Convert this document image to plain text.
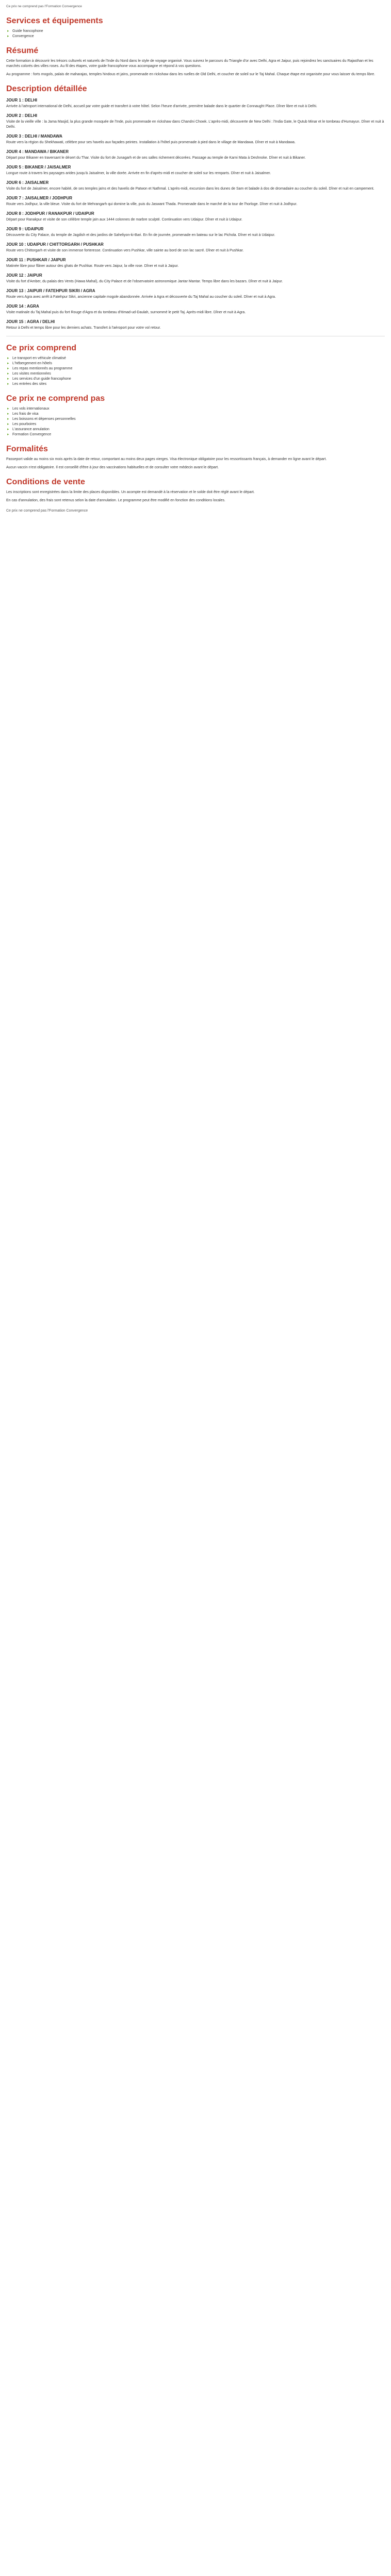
Ce prix ne comprend pas l'Formation Convergence

Services et équipements
▸ Guide francophone
▸ Convergence
Résumé

Cette formation à découvrir les trésors culturels et naturels de l'Inde du Nord dans le style de voyage organisé. Vous suivrez le parcours du Triangle d'or avec Delhi, Agra et Jaipur, puis rejoindrez les sanctuaires du Rajasthan et les marchés colorés des villes roses. Au fil des étapes, votre guide francophone vous accompagne et répond à vos questions.

Au programme : forts mogols, palais de maharajas, temples hindous et jaïns, promenade en rickshaw dans les ruelles de Old Delhi, et coucher de soleil sur le Taj Mahal. Chaque étape est organisée pour vous laisser du temps libre.

Description détaillée
JOUR 1 : DELHI

Arrivée à l'aéroport international de Delhi, accueil par votre guide et transfert à votre hôtel. Selon l'heure d'arrivée, première balade dans le quartier de Connaught Place. Dîner libre et nuit à Delhi.

JOUR 2 : DELHI

Visite de la vieille ville : la Jama Masjid, la plus grande mosquée de l'Inde, puis promenade en rickshaw dans Chandni Chowk. L'après-midi, découverte de New Delhi : l'India Gate, le Qutub Minar et le tombeau d'Humayun. Dîner et nuit à Delhi.

JOUR 3 : DELHI / MANDAWA

Route vers la région du Shekhawati, célèbre pour ses havelis aux façades peintes. Installation à l'hôtel puis promenade à pied dans le village de Mandawa. Dîner et nuit à Mandawa.

JOUR 4 : MANDAWA / BIKANER

Départ pour Bikaner en traversant le désert du Thar. Visite du fort de Junagarh et de ses salles richement décorées. Passage au temple de Karni Mata à Deshnoke. Dîner et nuit à Bikaner.

JOUR 5 : BIKANER / JAISALMER

Longue route à travers les paysages arides jusqu'à Jaisalmer, la ville dorée. Arrivée en fin d'après-midi et coucher de soleil sur les remparts. Dîner et nuit à Jaisalmer.

JOUR 6 : JAISALMER

Visite du fort de Jaisalmer, encore habité, de ses temples jaïns et des havelis de Patwon et Nathmal. L'après-midi, excursion dans les dunes de Sam et balade à dos de dromadaire au coucher du soleil. Dîner et nuit en campement.

JOUR 7 : JAISALMER / JODHPUR

Route vers Jodhpur, la ville bleue. Visite du fort de Mehrangarh qui domine la ville, puis du Jaswant Thada. Promenade dans le marché de la tour de l'horloge. Dîner et nuit à Jodhpur.

JOUR 8 : JODHPUR / RANAKPUR / UDAIPUR

Départ pour Ranakpur et visite de son célèbre temple jaïn aux 1444 colonnes de marbre sculpté. Continuation vers Udaipur. Dîner et nuit à Udaipur.

JOUR 9 : UDAIPUR

Découverte du City Palace, du temple de Jagdish et des jardins de Saheliyon-ki-Bari. En fin de journée, promenade en bateau sur le lac Pichola. Dîner et nuit à Udaipur.

JOUR 10 : UDAIPUR / CHITTORGARH / PUSHKAR

Route vers Chittorgarh et visite de son immense forteresse. Continuation vers Pushkar, ville sainte au bord de son lac sacré. Dîner et nuit à Pushkar.

JOUR 11 : PUSHKAR / JAIPUR

Matinée libre pour flâner autour des ghats de Pushkar. Route vers Jaipur, la ville rose. Dîner et nuit à Jaipur.

JOUR 12 : JAIPUR

Visite du fort d'Amber, du palais des Vents (Hawa Mahal), du City Palace et de l'observatoire astronomique Jantar Mantar. Temps libre dans les bazars. Dîner et nuit à Jaipur.

JOUR 13 : JAIPUR / FATEHPUR SIKRI / AGRA

Route vers Agra avec arrêt à Fatehpur Sikri, ancienne capitale mogole abandonnée. Arrivée à Agra et découverte du Taj Mahal au coucher du soleil. Dîner et nuit à Agra.

JOUR 14 : AGRA

Visite matinale du Taj Mahal puis du fort Rouge d'Agra et du tombeau d'Itimad-ud-Daulah, surnommé le petit Taj. Après-midi libre. Dîner et nuit à Agra.

JOUR 15 : AGRA / DELHI

Retour à Delhi et temps libre pour les derniers achats. Transfert à l'aéroport pour votre vol retour.

Ce prix comprend
▸ Le transport en véhicule climatisé
▸ L'hébergement en hôtels
▸ Les repas mentionnés au programme
▸ Les visites mentionnées
▸ Les services d'un guide francophone
▸ Les entrées des sites
Ce prix ne comprend pas
▸ Les vols internationaux
▸ Les frais de visa
▸ Les boissons et dépenses personnelles
▸ Les pourboires
▸ L'assurance annulation
▸ Formation Convergence
Formalités

Passeport valide au moins six mois après la date de retour, comportant au moins deux pages vierges. Visa électronique obligatoire pour les ressortissants français, à demander en ligne avant le départ.

Aucun vaccin n'est obligatoire. Il est conseillé d'être à jour des vaccinations habituelles et de consulter votre médecin avant le départ.

Conditions de vente

Les inscriptions sont enregistrées dans la limite des places disponibles. Un acompte est demandé à la réservation et le solde doit être réglé avant le départ.

En cas d'annulation, des frais sont retenus selon la date d'annulation. Le programme peut être modifié en fonction des conditions locales.

Ce prix ne comprend pas l'Formation Convergence
